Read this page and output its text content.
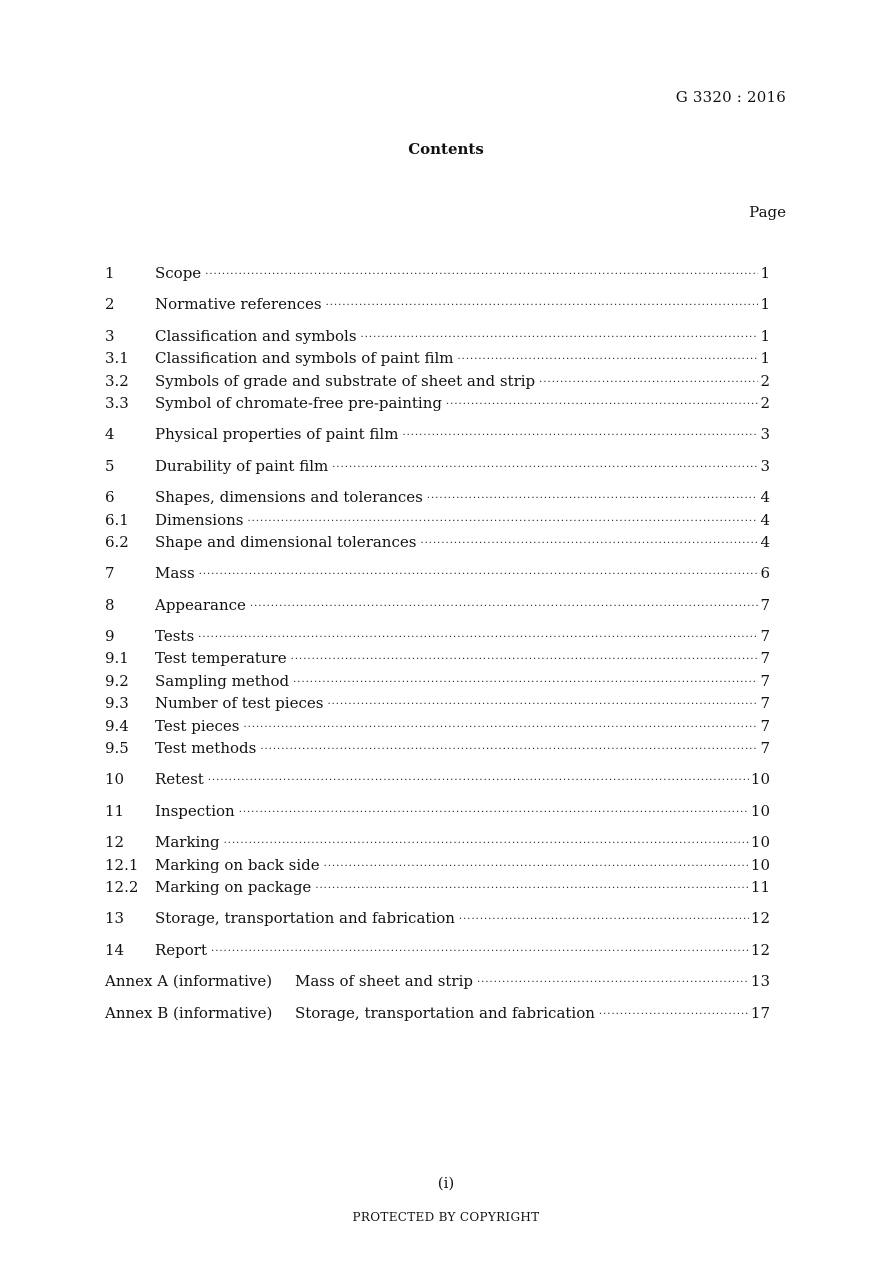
G 3320 : 2016
Contents
Page
1	Scope ·····	1
2	Normative references ·····	1
3	Classification and symbols ·····	1
3.1	Classification and symbols of paint film ·····	1
3.2	Symbols of grade and substrate of sheet and strip ·····	2
3.3	Symbol of chromate-free pre-painting ·····	2
4	Physical properties of paint film ·····	3
5	Durability of paint film ·····	3
6	Shapes, dimensions and tolerances ·····	4
6.1	Dimensions ·····	4
6.2	Shape and dimensional tolerances ·····	4
7	Mass ·····	6
8	Appearance ·····	7
9	Tests ·····	7
9.1	Test temperature ·····	7
9.2	Sampling method ·····	7
9.3	Number of test pieces ·····	7
9.4	Test pieces ·····	7
9.5	Test methods ·····	7
10	Retest ·····	10
11	Inspection ·····	10
12	Marking ·····	10
12.1	Marking on back side ·····	10
12.2	Marking on package ·····	11
13	Storage, transportation and fabrication ·····	12
14	Report ·····	12
Annex A (informative)	Mass of sheet and strip ·····	13
Annex B (informative)	Storage, transportation and fabrication ·····	17
(i)
PROTECTED BY COPYRIGHT
